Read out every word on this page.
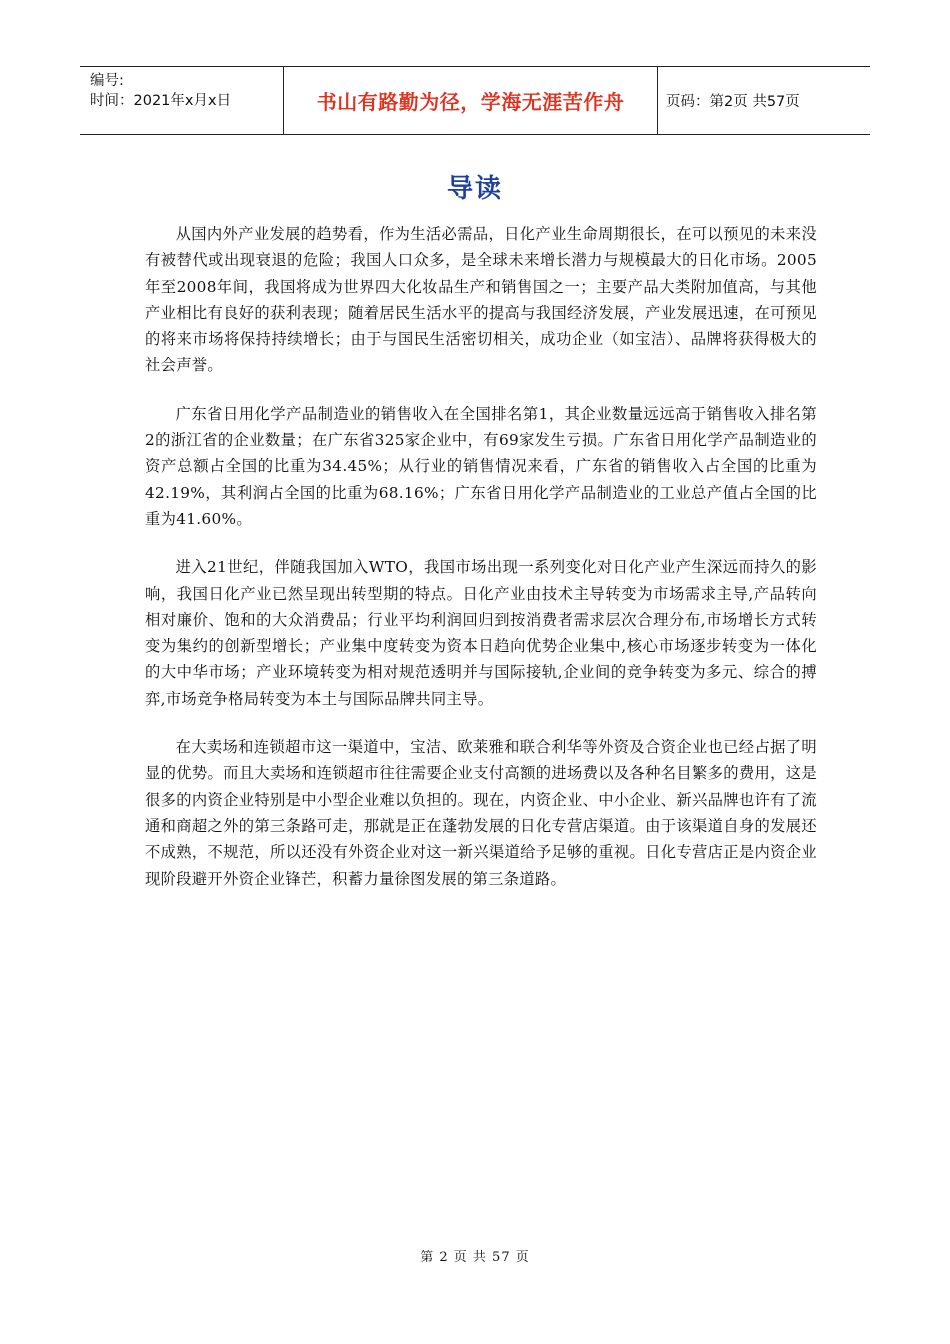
编号:
时间：2021年x月x日	书山有路勤为径，学海无涯苦作舟	页码：第2页 共57页
导读

从国内外产业发展的趋势看，作为生活必需品，日化产业生命周期很长，在可以预见的未来没有被替代或出现衰退的危险；我国人口众多，是全球未来增长潜力与规模最大的日化市场。2005年至2008年间，我国将成为世界四大化妆品生产和销售国之一；主要产品大类附加值高，与其他产业相比有良好的获利表现；随着居民生活水平的提高与我国经济发展，产业发展迅速，在可预见的将来市场将保持持续增长；由于与国民生活密切相关，成功企业（如宝洁）、品牌将获得极大的社会声誉。

广东省日用化学产品制造业的销售收入在全国排名第1，其企业数量远远高于销售收入排名第2的浙江省的企业数量；在广东省325家企业中，有69家发生亏损。广东省日用化学产品制造业的资产总额占全国的比重为34.45%；从行业的销售情况来看，广东省的销售收入占全国的比重为42.19%，其利润占全国的比重为68.16%；广东省日用化学产品制造业的工业总产值占全国的比重为41.60%。

进入21世纪，伴随我国加入WTO，我国市场出现一系列变化对日化产业产生深远而持久的影响，我国日化产业已然呈现出转型期的特点。日化产业由技术主导转变为市场需求主导,产品转向相对廉价、饱和的大众消费品；行业平均利润回归到按消费者需求层次合理分布,市场增长方式转变为集约的创新型增长；产业集中度转变为资本日趋向优势企业集中,核心市场逐步转变为一体化的大中华市场；产业环境转变为相对规范透明并与国际接轨,企业间的竞争转变为多元、综合的搏弈,市场竞争格局转变为本土与国际品牌共同主导。

在大卖场和连锁超市这一渠道中，宝洁、欧莱雅和联合利华等外资及合资企业也已经占据了明显的优势。而且大卖场和连锁超市往往需要企业支付高额的进场费以及各种名目繁多的费用，这是很多的内资企业特别是中小型企业难以负担的。现在，内资企业、中小企业、新兴品牌也许有了流通和商超之外的第三条路可走，那就是正在蓬勃发展的日化专营店渠道。由于该渠道自身的发展还不成熟，不规范，所以还没有外资企业对这一新兴渠道给予足够的重视。日化专营店正是内资企业现阶段避开外资企业锋芒，积蓄力量徐图发展的第三条道路。

第 2 页 共 57 页
